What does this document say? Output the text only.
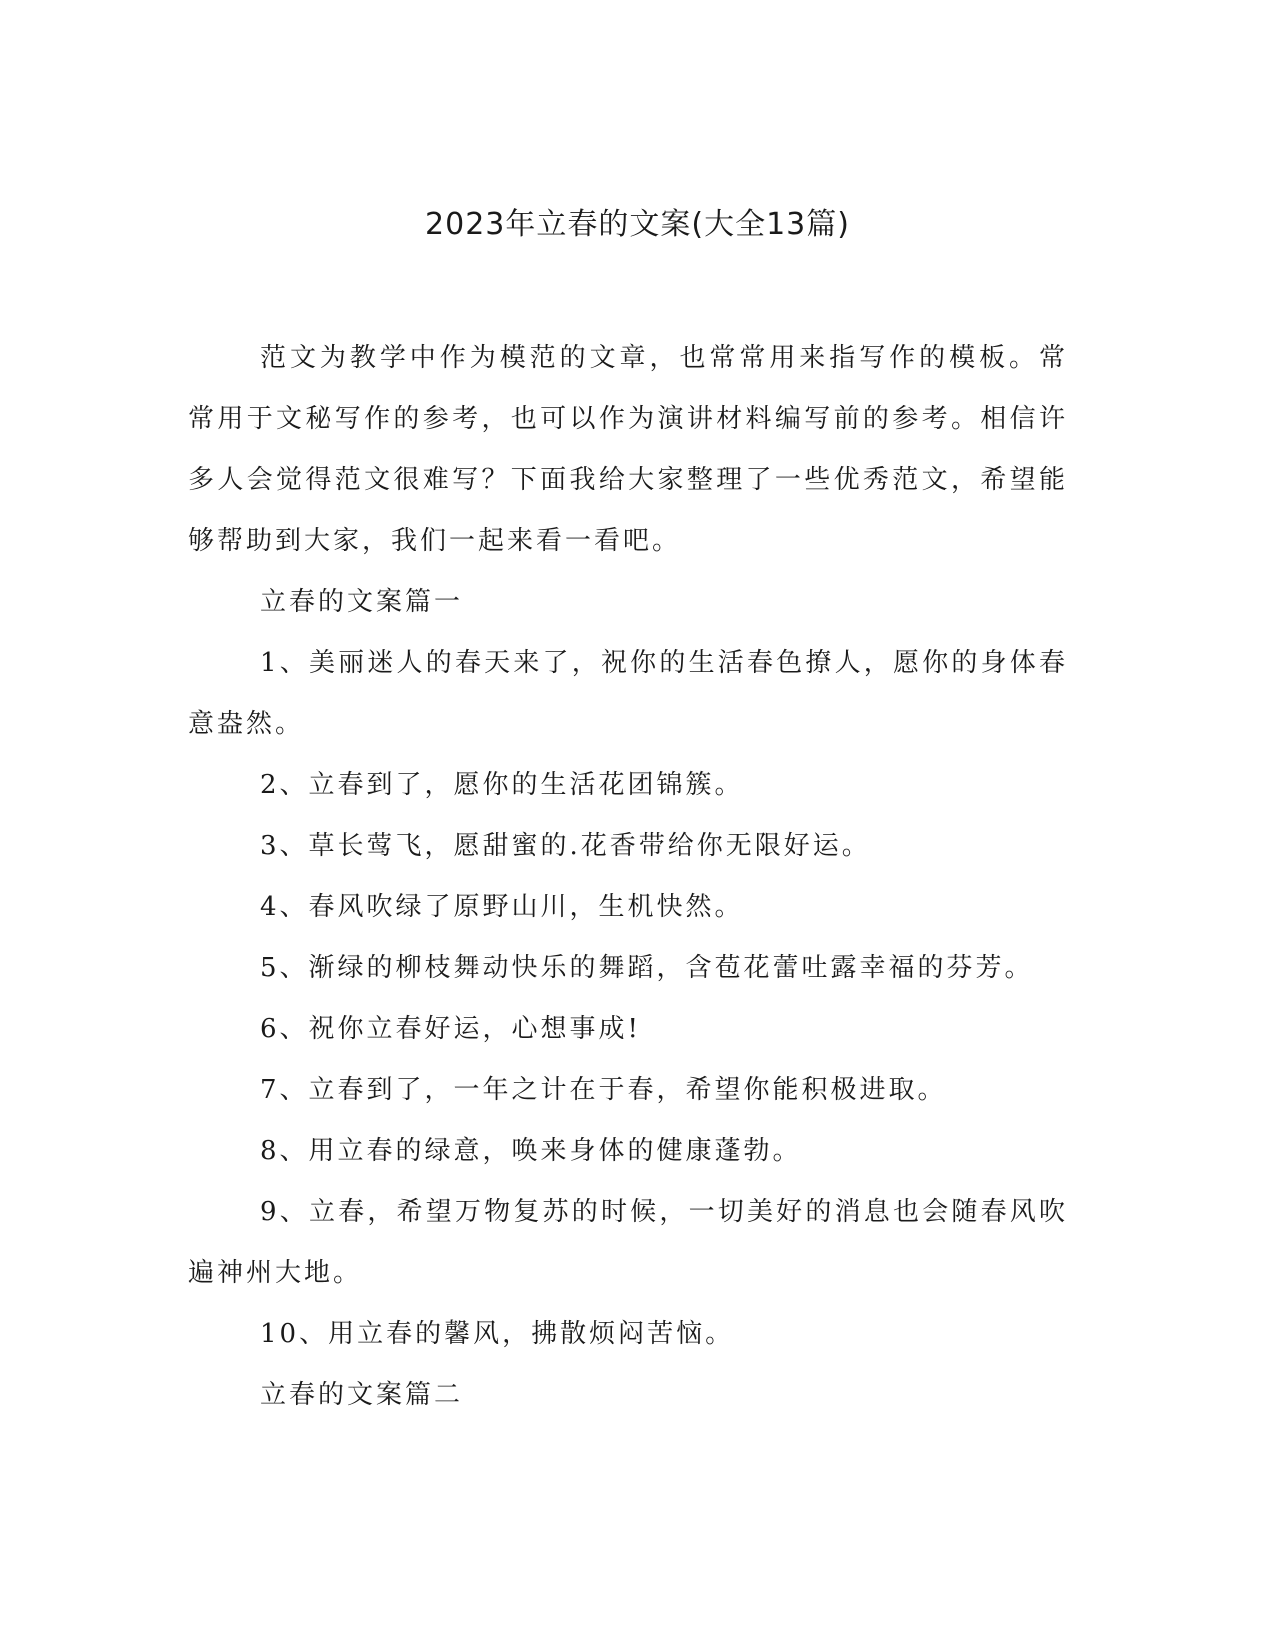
2023年立春的文案(大全13篇)

范文为教学中作为模范的文章，也常常用来指写作的模板。常常用于文秘写作的参考，也可以作为演讲材料编写前的参考。相信许多人会觉得范文很难写？下面我给大家整理了一些优秀范文，希望能够帮助到大家，我们一起来看一看吧。

立春的文案篇一

1、美丽迷人的春天来了，祝你的生活春色撩人，愿你的身体春意盎然。

2、立春到了，愿你的生活花团锦簇。

3、草长莺飞，愿甜蜜的.花香带给你无限好运。

4、春风吹绿了原野山川，生机快然。

5、渐绿的柳枝舞动快乐的舞蹈，含苞花蕾吐露幸福的芬芳。

6、祝你立春好运，心想事成!

7、立春到了，一年之计在于春，希望你能积极进取。

8、用立春的绿意，唤来身体的健康蓬勃。

9、立春，希望万物复苏的时候，一切美好的消息也会随春风吹遍神州大地。

10、用立春的馨风，拂散烦闷苦恼。

立春的文案篇二
